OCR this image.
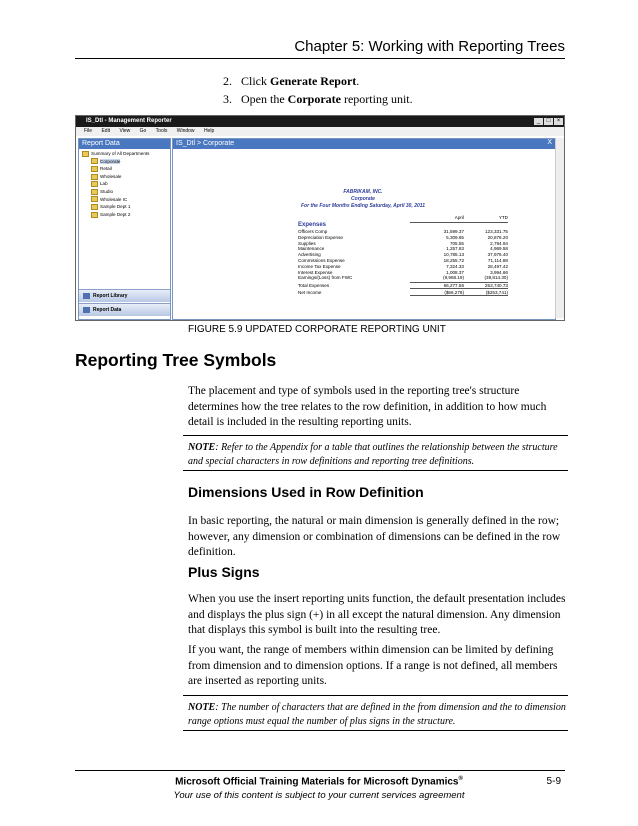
Chapter 5: Working with Reporting Trees
2. Click Generate Report.
3. Open the Corporate reporting unit.
IS_Dtl - Management Reporter	_	□	×
File Edit View Go Tools Window Help
Report Data
Summary of All Departments
Corporate
Retail
Wholesale
Lab
Studio
Wholesale IC
Sample Dept 1
Sample Dept 2
Report Library
Report Data
IS_Dtl > Corporate	X
FABRIKAM, INC.
Corporate
For the Four Months Ending Saturday, April 30, 2011
April	YTD
Expenses
Officers Comp	31,599.37	123,331.75
Depreciation Expense	5,309.65	20,876.20
Supplies	705.55	2,794.94
Maintenance	1,257.63	4,969.58
Advertising	10,785.13	37,976.40
Commissions Expense	18,255.72	71,114.88
Income Tax Expense	7,324.33	28,497.42
Interest Expense	1,008.37	3,994.66
Earnings/(Loss) from FWC	(9,968.19)	(39,814.30)
Total Expenses	66,277.56	253,740.73
Net Income	($66,278)	($253,741)
FIGURE 5.9 UPDATED CORPORATE REPORTING UNIT
Reporting Tree Symbols
The placement and type of symbols used in the reporting tree's structure determines how the tree relates to the row definition, in addition to how much detail is included in the resulting reporting units.
NOTE: Refer to the Appendix for a table that outlines the relationship between the structure and special characters in row definitions and reporting tree definitions.
Dimensions Used in Row Definition
In basic reporting, the natural or main dimension is generally defined in the row; however, any dimension or combination of dimensions can be defined in the row definition.
Plus Signs
When you use the insert reporting units function, the default presentation includes and displays the plus sign (+) in all except the natural dimension. Any dimension that displays this symbol is built into the resulting tree.
If you want, the range of members within dimension can be limited by defining from dimension and to dimension options. If a range is not defined, all members are inserted as reporting units.
NOTE: The number of characters that are defined in the from dimension and the to dimension range options must equal the number of plus signs in the structure.
Microsoft Official Training Materials for Microsoft Dynamics®
Your use of this content is subject to your current services agreement
5-9
